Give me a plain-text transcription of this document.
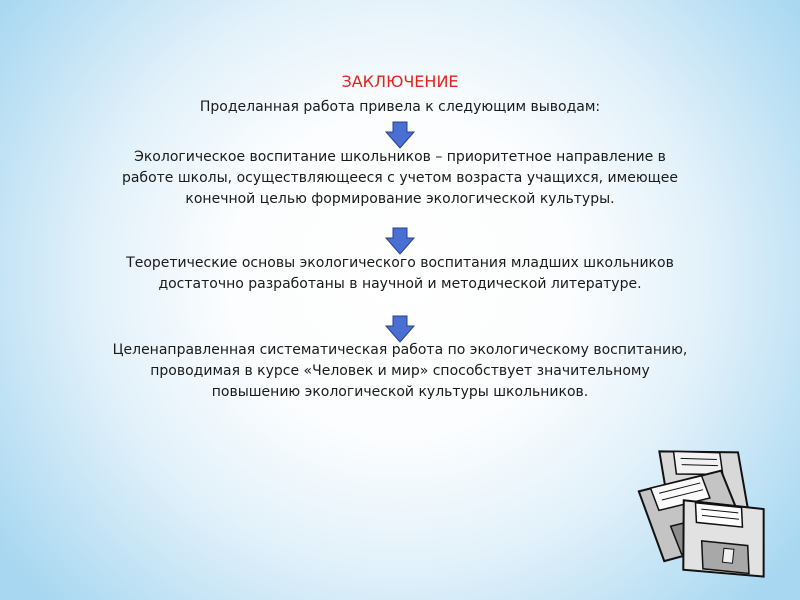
ЗАКЛЮЧЕНИЕ
Проделанная работа привела к следующим выводам:
Экологическое воспитание школьников – приоритетное направление в работе школы, осуществляющееся с учетом возраста учащихся, имеющее конечной целью формирование экологической культуры.
Теоретические основы экологического воспитания младших школьников достаточно разработаны в научной и методической литературе.
Целенаправленная систематическая работа по экологическому воспитанию, проводимая в курсе «Человек и мир» способствует значительному повышению экологической культуры школьников.
